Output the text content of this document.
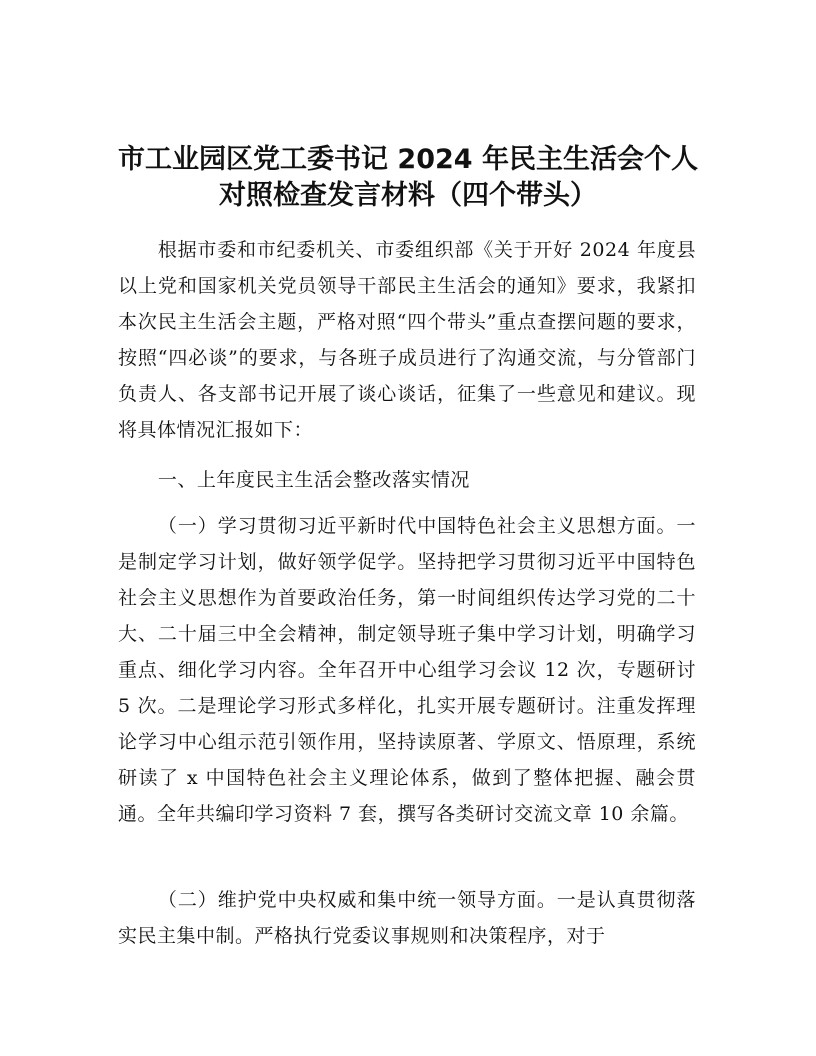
市工业园区党工委书记 2024 年民主生活会个人
对照检查发言材料（四个带头）
根据市委和市纪委机关、市委组织部《关于开好 2024 年度县以上党和国家机关党员领导干部民主生活会的通知》要求，我紧扣本次民主生活会主题，严格对照“四个带头”重点查摆问题的要求，按照“四必谈”的要求，与各班子成员进行了沟通交流，与分管部门负责人、各支部书记开展了谈心谈话，征集了一些意见和建议。现将具体情况汇报如下：
一、上年度民主生活会整改落实情况
（一）学习贯彻习近平新时代中国特色社会主义思想方面。一是制定学习计划，做好领学促学。坚持把学习贯彻习近平中国特色社会主义思想作为首要政治任务，第一时间组织传达学习党的二十大、二十届三中全会精神，制定领导班子集中学习计划，明确学习重点、细化学习内容。全年召开中心组学习会议 12 次，专题研讨 5 次。二是理论学习形式多样化，扎实开展专题研讨。注重发挥理论学习中心组示范引领作用，坚持读原著、学原文、悟原理，系统研读了 x 中国特色社会主义理论体系，做到了整体把握、融会贯通。全年共编印学习资料 7 套，撰写各类研讨交流文章 10 余篇。
（二）维护党中央权威和集中统一领导方面。一是认真贯彻落实民主集中制。严格执行党委议事规则和决策程序，对于
